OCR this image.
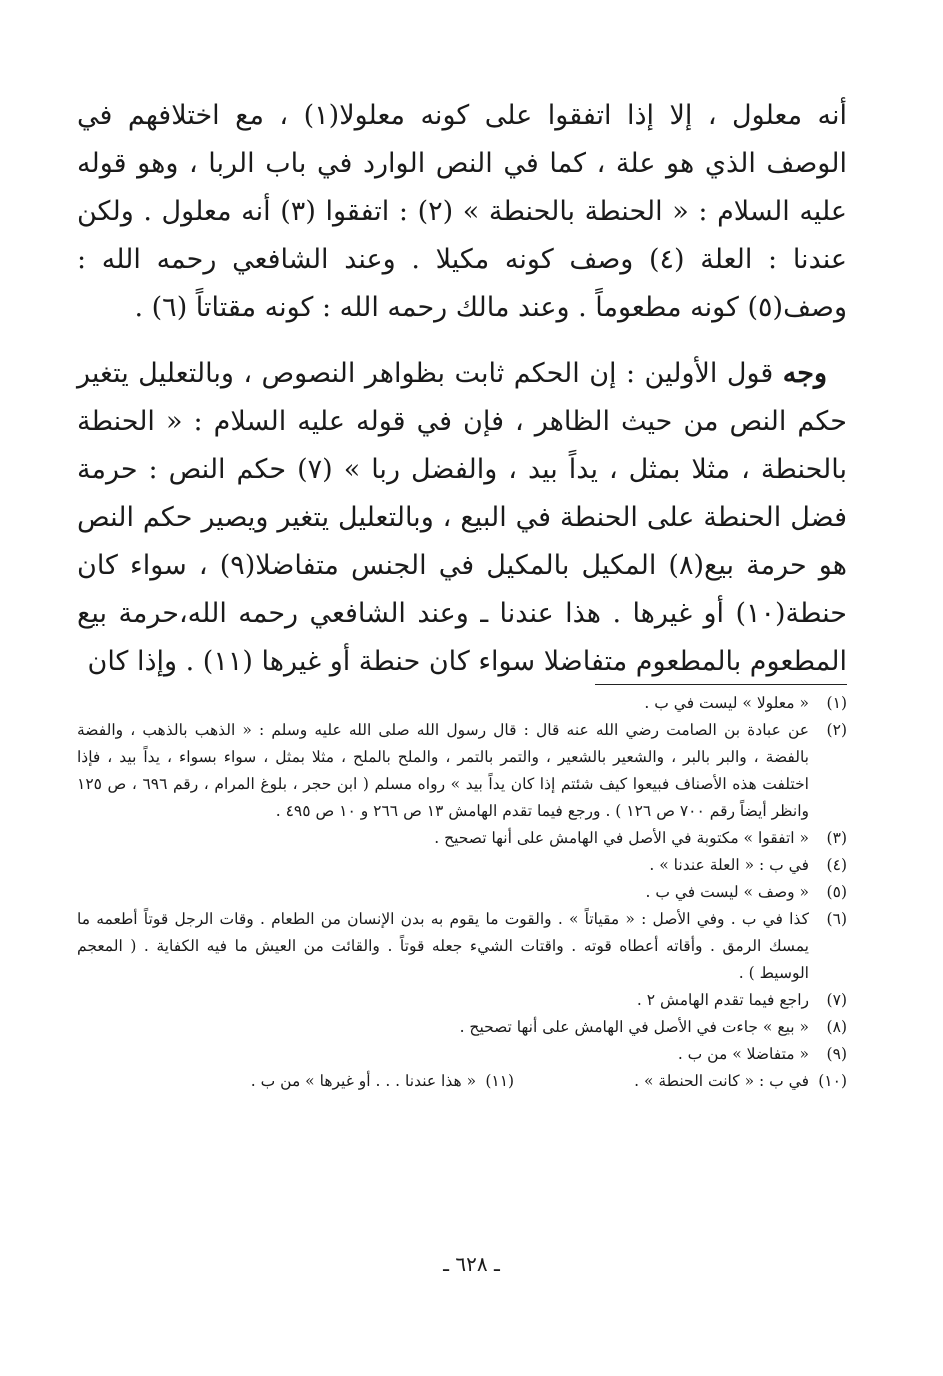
أنه معلول ، إلا إذا اتفقوا على كونه معلولا(١) ، مع اختلافهم في الوصف الذي هو علة ، كما في النص الوارد في باب الربا ، وهو قوله عليه السلام : « الحنطة بالحنطة » (٢) : اتفقوا (٣) أنه معلول . ولكن عندنا : العلة (٤) وصف كونه مكيلا . وعند الشافعي رحمه الله : وصف(٥) كونه مطعوماً . وعند مالك رحمه الله : كونه مقتاتاً (٦) .

وجه قول الأولين : إن الحكم ثابت بظواهر النصوص ، وبالتعليل يتغير حكم النص من حيث الظاهر ، فإن في قوله عليه السلام : « الحنطة بالحنطة ، مثلا بمثل ، يداً بيد ، والفضل ربا » (٧) حكم النص : حرمة فضل الحنطة على الحنطة في البيع ، وبالتعليل يتغير ويصير حكم النص هو حرمة بيع(٨) المكيل بالمكيل في الجنس متفاضلا(٩) ، سواء كان حنطة(١٠) أو غيرها . هذا عندنا ـ وعند الشافعي رحمه الله،حرمة بيع المطعوم بالمطعوم متفاضلا سواء كان حنطة أو غيرها (١١) . وإذا كان

(١)
« معلولا » ليست في ب .
(٢)
عن عبادة بن الصامت رضي الله عنه قال : قال رسول الله صلى الله عليه وسلم : « الذهب بالذهب ، والفضة بالفضة ، والبر بالبر ، والشعير بالشعير ، والتمر بالتمر ، والملح بالملح ، مثلا بمثل ، سواء بسواء ، يداً بيد ، فإذا اختلفت هذه الأصناف فبيعوا كيف شئتم إذا كان يداً بيد » رواه مسلم ( ابن حجر ، بلوغ المرام ، رقم ٦٩٦ ، ص ١٢٥ وانظر أيضاً رقم ٧٠٠ ص ١٢٦ ) . ورجع فيما تقدم الهامش ١٣ ص ٢٦٦ و ١٠ ص ٤٩٥ .
(٣)
« اتفقوا » مكتوبة في الأصل في الهامش على أنها تصحيح .
(٤)
في ب : « العلة عندنا » .
(٥)
« وصف » ليست في ب .
(٦)
كذا في ب . وفي الأصل : « مقياتاً » . والقوت ما يقوم به بدن الإنسان من الطعام . وقات الرجل قوتاً أطعمه ما يمسك الرمق . وأقاته أعطاه قوته . واقتات الشيء جعله قوتاً . والقائت من العيش ما فيه الكفاية . ( المعجم الوسيط ) .
(٧)
راجع فيما تقدم الهامش ٢ .
(٨)
« بيع » جاءت في الأصل في الهامش على أنها تصحيح .
(٩)
« متفاضلا » من ب .
(١٠)
في ب : « كانت الحنطة » .
(١١)
« هذا عندنا . . . أو غيرها » من ب .
ـ ٦٢٨ ـ
